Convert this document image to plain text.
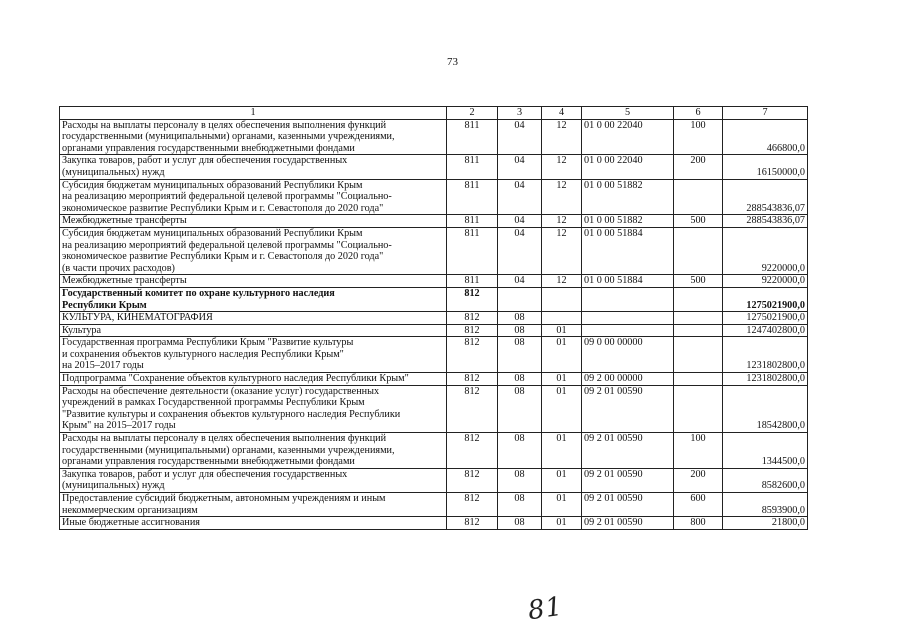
73
1	2	3	4	5	6	7
Расходы на выплаты персоналу в целях обеспечения выполнения функций
государственными (муниципальными) органами, казенными учреждениями,
органами управления государственными внебюджетными фондами	811	04	12	01 0 00 22040	100	466800,0
Закупка товаров, работ и услуг для обеспечения государственных
(муниципальных) нужд	811	04	12	01 0 00 22040	200	16150000,0
Субсидия бюджетам муниципальных образований Республики Крым
на реализацию мероприятий федеральной целевой программы "Социально-
экономическое развитие Республики Крым и г. Севастополя до 2020 года"	811	04	12	01 0 00 51882		288543836,07
Межбюджетные трансферты	811	04	12	01 0 00 51882	500	288543836,07
Субсидия бюджетам муниципальных образований Республики Крым
на реализацию мероприятий федеральной целевой программы "Социально-
экономическое развитие Республики Крым и г. Севастополя до 2020 года"
(в части прочих расходов)	811	04	12	01 0 00 51884		9220000,0
Межбюджетные трансферты	811	04	12	01 0 00 51884	500	9220000,0
Государственный комитет по охране культурного наследия
Республики Крым	812					1275021900,0
КУЛЬТУРА, КИНЕМАТОГРАФИЯ	812	08				1275021900,0
Культура	812	08	01			1247402800,0
Государственная программа Республики Крым "Развитие культуры
и сохранения объектов культурного наследия Республики Крым"
на 2015–2017 годы	812	08	01	09 0 00 00000		1231802800,0
Подпрограмма "Сохранение объектов культурного наследия Республики Крым"	812	08	01	09 2 00 00000		1231802800,0
Расходы на обеспечение деятельности (оказание услуг) государственных
учреждений в рамках Государственной программы Республики Крым
"Развитие культуры и сохранения объектов культурного наследия Республики
Крым" на 2015–2017 годы	812	08	01	09 2 01 00590		18542800,0
Расходы на выплаты персоналу в целях обеспечения выполнения функций
государственными (муниципальными) органами, казенными учреждениями,
органами управления государственными внебюджетными фондами	812	08	01	09 2 01 00590	100	1344500,0
Закупка товаров, работ и услуг для обеспечения государственных
(муниципальных) нужд	812	08	01	09 2 01 00590	200	8582600,0
Предоставление субсидий бюджетным, автономным учреждениям и иным
некоммерческим организациям	812	08	01	09 2 01 00590	600	8593900,0
Иные бюджетные ассигнования	812	08	01	09 2 01 00590	800	21800,0
81
